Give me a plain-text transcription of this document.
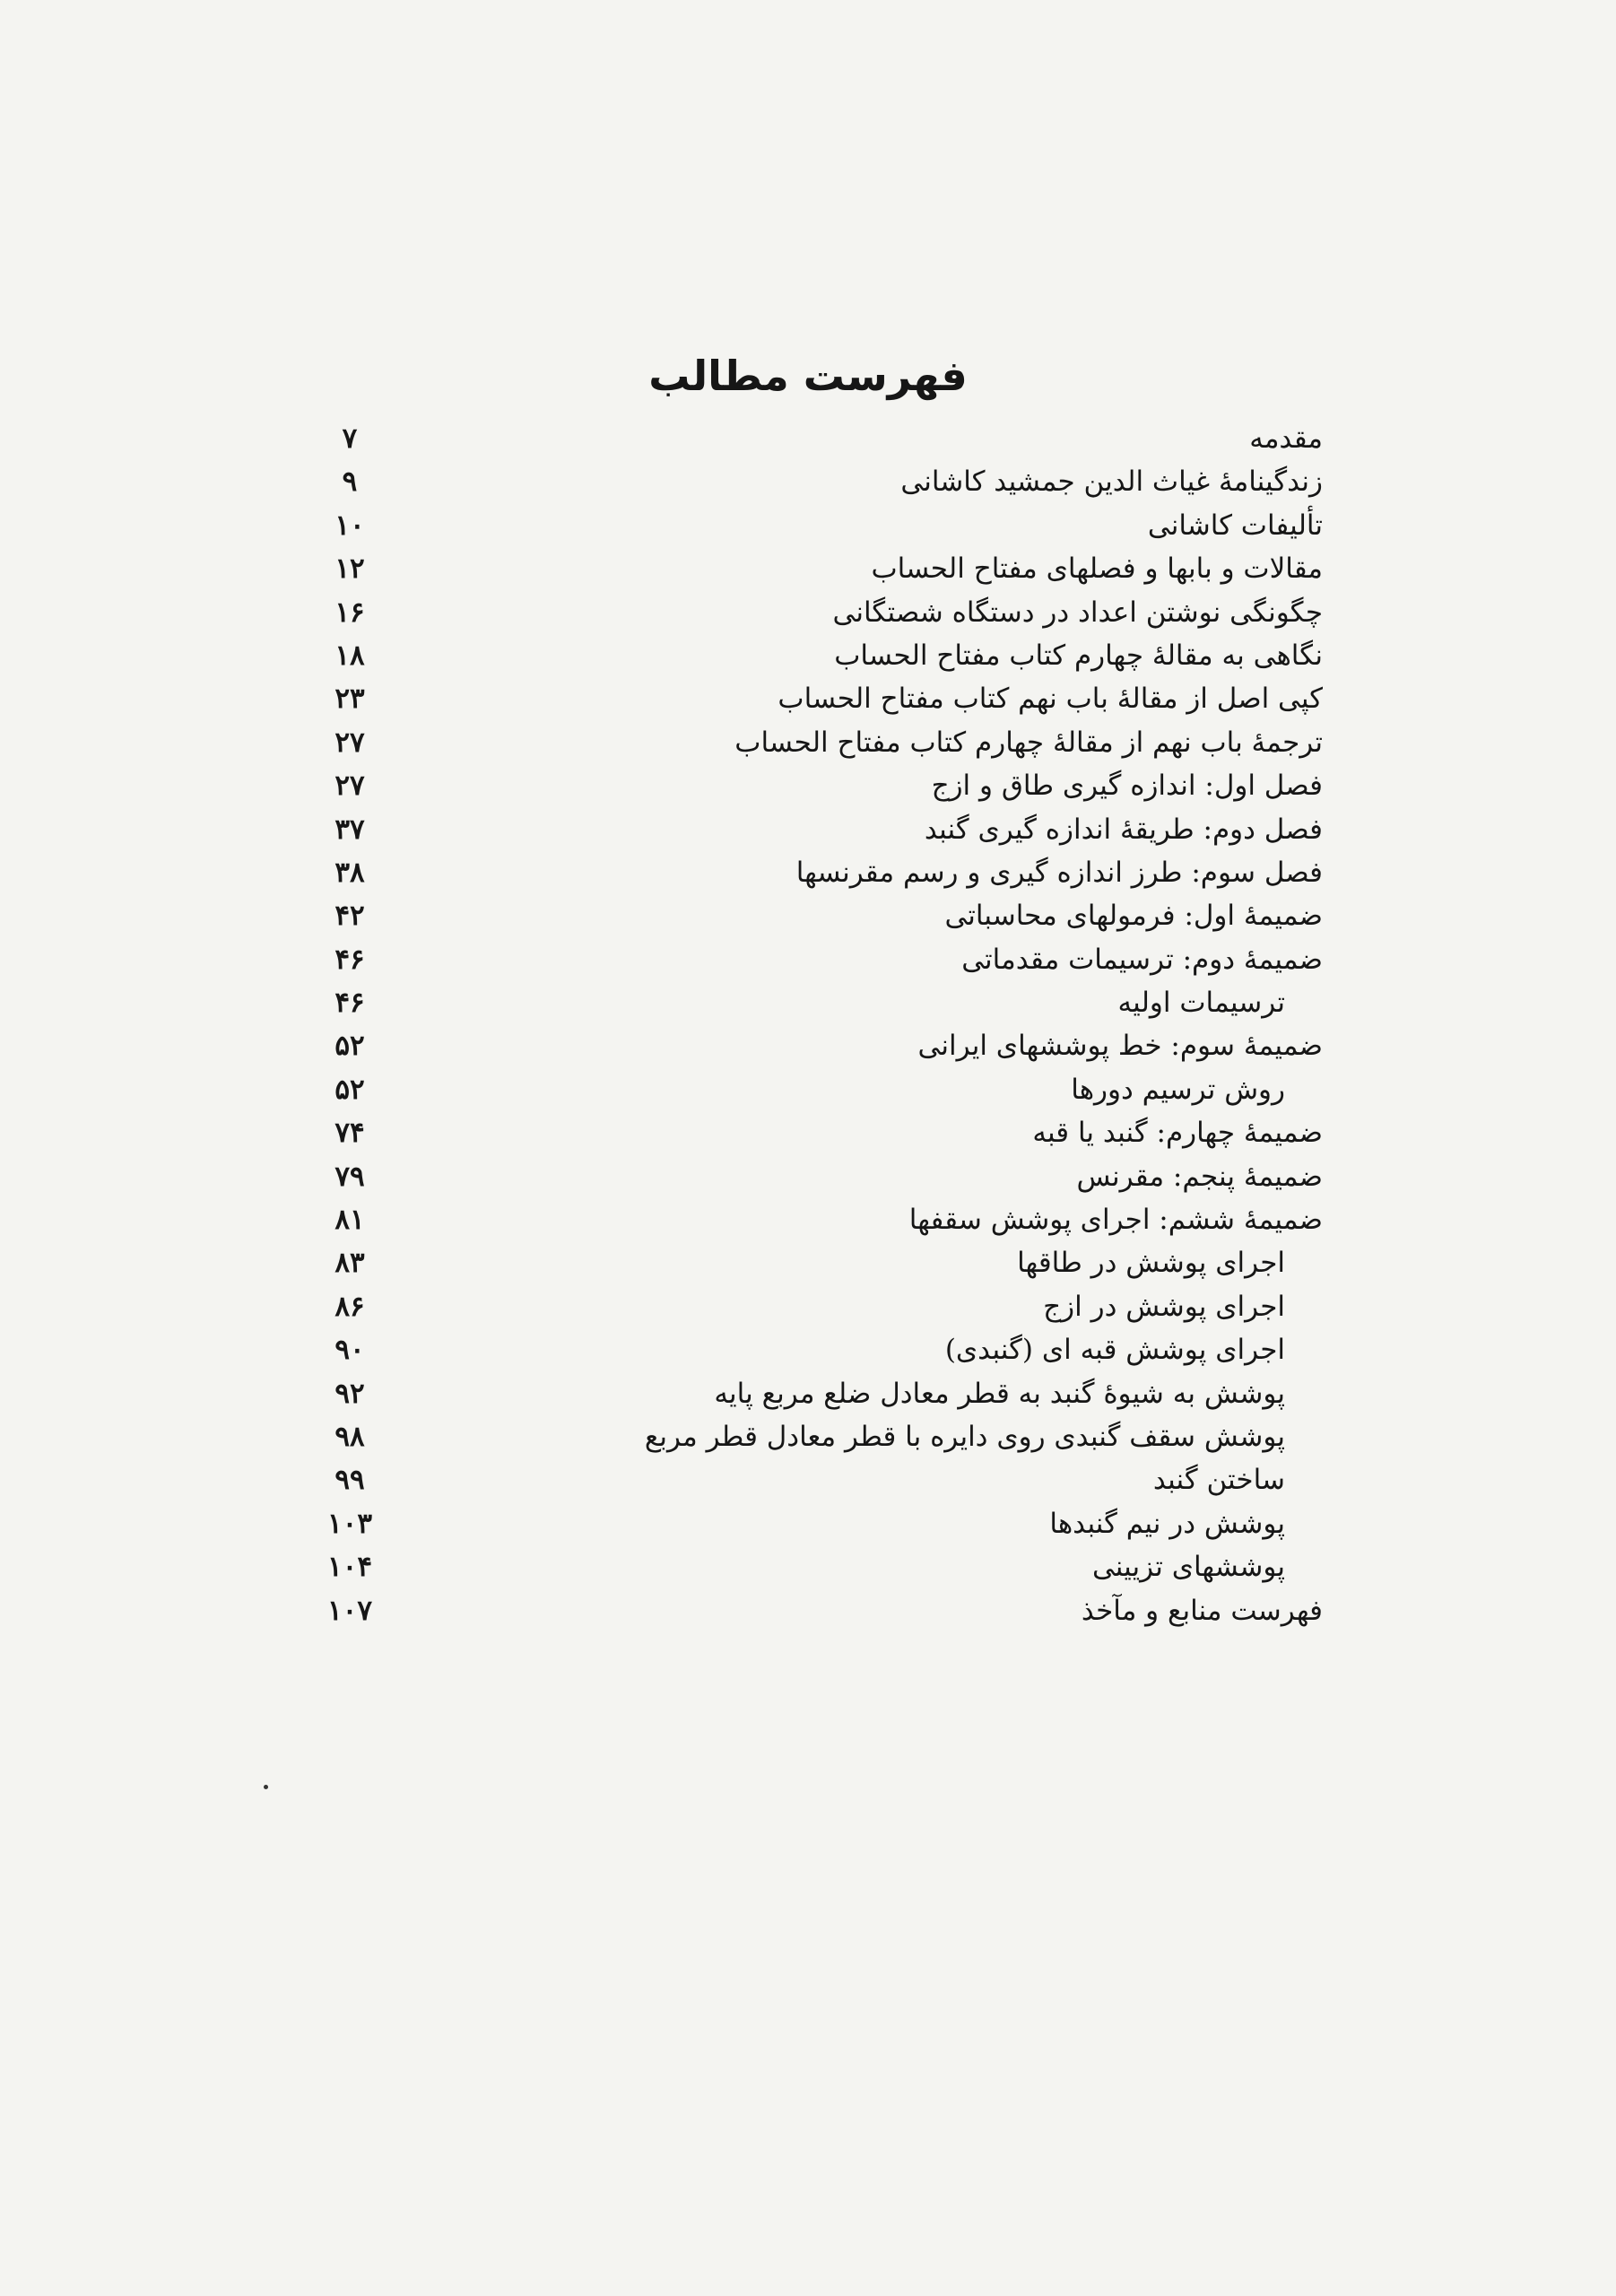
فهرست مطالب
مقدمه
۷
زندگینامهٔ غیاث الدین جمشید کاشانی
۹
تألیفات کاشانی
۱۰
مقالات و بابها و فصلهای مفتاح الحساب
۱۲
چگونگی نوشتن اعداد در دستگاه شصتگانی
۱۶
نگاهی به مقالهٔ چهارم کتاب مفتاح الحساب
۱۸
کپی اصل از مقالهٔ باب نهم کتاب مفتاح الحساب
۲۳
ترجمهٔ باب نهم از مقالهٔ چهارم کتاب مفتاح الحساب
۲۷
فصل اول: اندازه گیری طاق و ازج
۲۷
فصل دوم: طریقهٔ اندازه گیری گنبد
۳۷
فصل سوم: طرز اندازه گیری و رسم مقرنسها
۳۸
ضمیمهٔ اول: فرمولهای محاسباتی
۴۲
ضمیمهٔ دوم: ترسیمات مقدماتی
۴۶
ترسیمات اولیه
۴۶
ضمیمهٔ سوم: خط پوششهای ایرانی
۵۲
روش ترسیم دورها
۵۲
ضمیمهٔ چهارم: گنبد یا قبه
۷۴
ضمیمهٔ پنجم: مقرنس
۷۹
ضمیمهٔ ششم: اجرای پوشش سقفها
۸۱
اجرای پوشش در طاقها
۸۳
اجرای پوشش در ازج
۸۶
اجرای پوشش قبه ای (گنبدی)
۹۰
پوشش به شیوهٔ گنبد به قطر معادل ضلع مربع پایه
۹۲
پوشش سقف گنبدی روی دایره با قطر معادل قطر مربع
۹۸
ساختن گنبد
۹۹
پوشش در نیم گنبدها
۱۰۳
پوششهای تزیینی
۱۰۴
فهرست منابع و مآخذ
۱۰۷
